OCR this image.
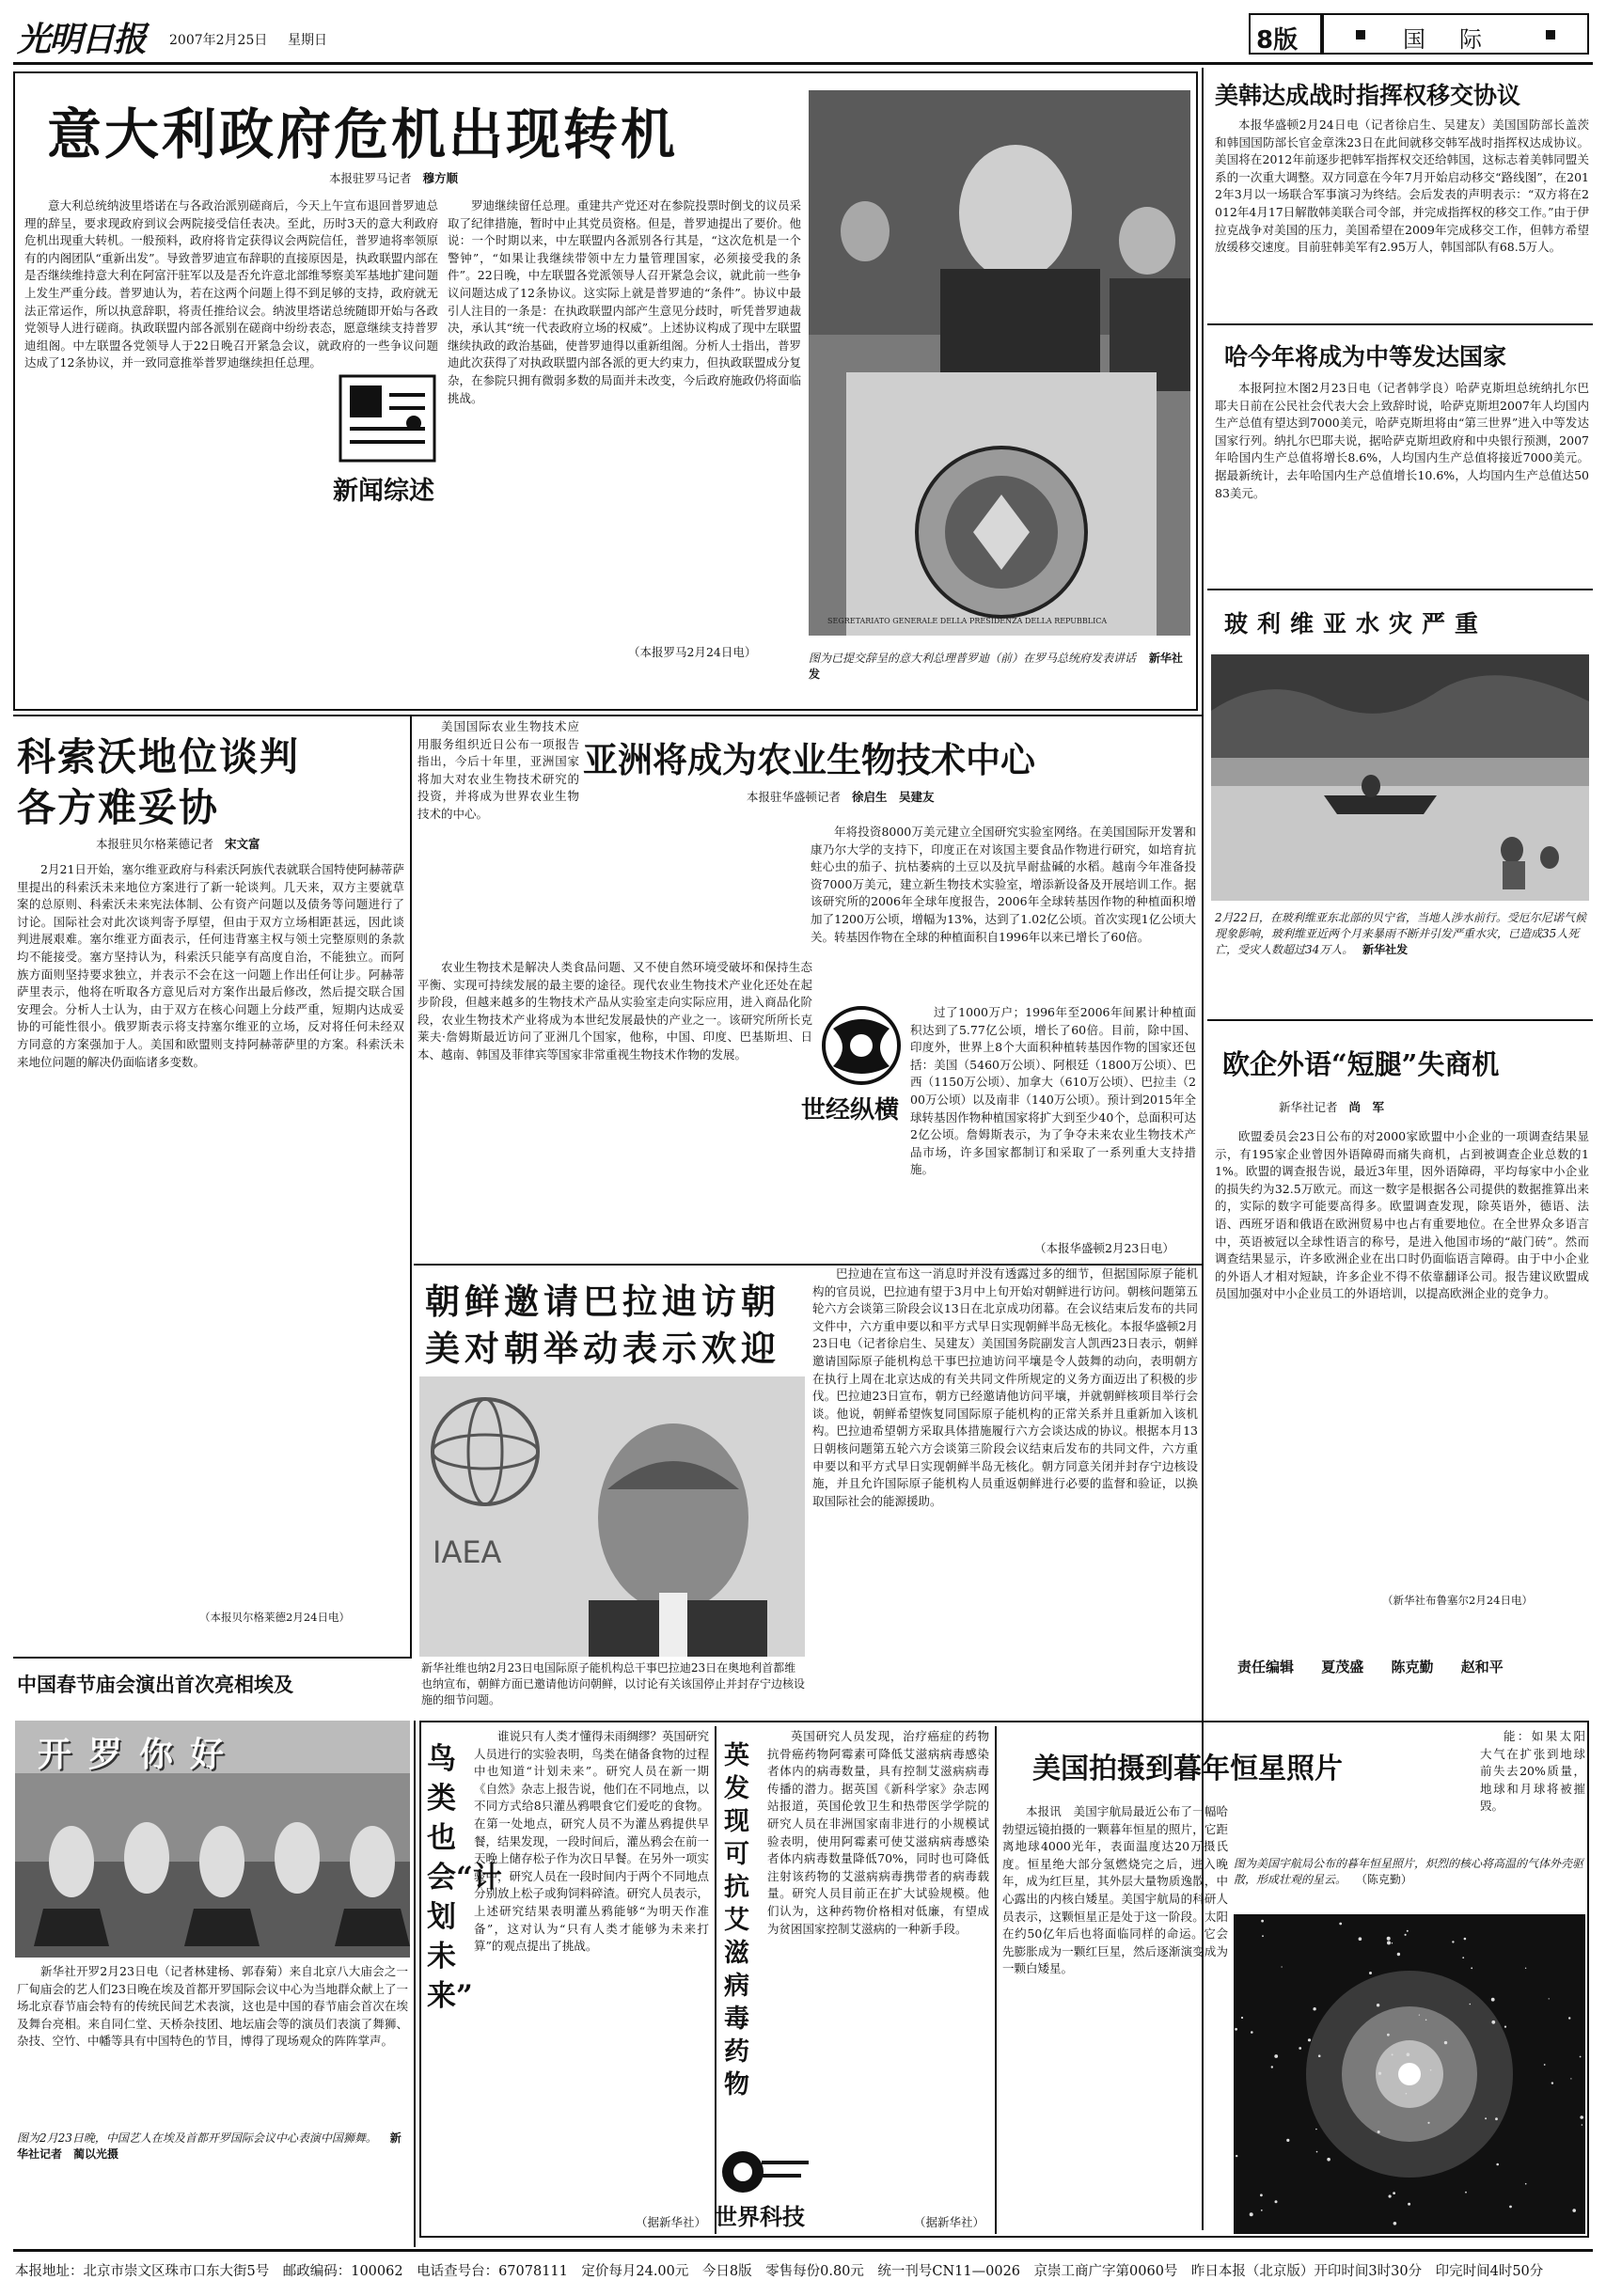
光明日报 2007年2月25日 星期日	8版	国　际
意大利政府危机出现转机
本报驻罗马记者 穆方顺

意大利总统纳波里塔诺在与各政治派别磋商后，今天上午宣布退回普罗迪总理的辞呈，要求现政府到议会两院接受信任表决。至此，历时3天的意大利政府危机出现重大转机。一般预料，政府将肯定获得议会两院信任，普罗迪将率领原有的内阁团队“重新出发”。导致普罗迪宣布辞职的直接原因是，执政联盟内部在是否继续维持意大利在阿富汗驻军以及是否允许意北部维琴察美军基地扩建问题上发生严重分歧。普罗迪认为，若在这两个问题上得不到足够的支持，政府就无法正常运作，所以执意辞职，将责任推给议会。纳波里塔诺总统随即开始与各政党领导人进行磋商。执政联盟内部各派别在磋商中纷纷表态，愿意继续支持普罗迪组阁。中左联盟各党领导人于22日晚召开紧急会议，就政府的一些争议问题达成了12条协议，并一致同意推举普罗迪继续担任总理。

罗迪继续留任总理。重建共产党还对在参院投票时倒戈的议员采取了纪律措施，暂时中止其党员资格。但是，普罗迪提出了要价。他说：一个时期以来，中左联盟内各派别各行其是，“这次危机是一个警钟”，“如果让我继续带领中左力量管理国家，必须接受我的条件”。22日晚，中左联盟各党派领导人召开紧急会议，就此前一些争议问题达成了12条协议。这实际上就是普罗迪的“条件”。协议中最引人注目的一条是：在执政联盟内部产生意见分歧时，听凭普罗迪裁决，承认其“统一代表政府立场的权威”。上述协议构成了现中左联盟继续执政的政治基础，使普罗迪得以重新组阁。分析人士指出，普罗迪此次获得了对执政联盟内部各派的更大约束力，但执政联盟成分复杂，在参院只拥有微弱多数的局面并未改变，今后政府施政仍将面临挑战。

（本报罗马2月24日电）
新闻综述
SEGRETARIATO GENERALE DELLA PRESIDENZA DELLA REPUBBLICA
图为已提交辞呈的意大利总理普罗迪（前）在罗马总统府发表讲话 新华社发
美韩达成战时指挥权移交协议

本报华盛顿2月24日电（记者徐启生、吴建友）美国国防部长盖茨和韩国国防部长官金章洙23日在此间就移交韩军战时指挥权达成协议。美国将在2012年前逐步把韩军指挥权交还给韩国，这标志着美韩同盟关系的一次重大调整。双方同意在今年7月开始启动移交“路线图”，在2012年3月以一场联合军事演习为终结。会后发表的声明表示：“双方将在2012年4月17日解散韩美联合司令部，并完成指挥权的移交工作。”由于伊拉克战争对美国的压力，美国希望在2009年完成移交工作，但韩方希望放缓移交速度。目前驻韩美军有2.95万人，韩国部队有68.5万人。

哈今年将成为中等发达国家

本报阿拉木图2月23日电（记者韩学良）哈萨克斯坦总统纳扎尔巴耶夫日前在公民社会代表大会上致辞时说，哈萨克斯坦2007年人均国内生产总值有望达到7000美元，哈萨克斯坦将由“第三世界”进入中等发达国家行列。纳扎尔巴耶夫说，据哈萨克斯坦政府和中央银行预测，2007年哈国内生产总值将增长8.6%，人均国内生产总值将接近7000美元。据最新统计，去年哈国内生产总值增长10.6%，人均国内生产总值达5083美元。

玻利维亚水灾严重
2月22日，在玻利维亚东北部的贝宁省，当地人涉水前行。受厄尔尼诺气候现象影响，玻利维亚近两个月来暴雨不断并引发严重水灾，已造成35人死亡，受灾人数超过34万人。 新华社发
欧企外语“短腿”失商机
新华社记者 尚　军

欧盟委员会23日公布的对2000家欧盟中小企业的一项调查结果显示，有195家企业曾因外语障碍而痛失商机，占到被调查企业总数的11%。欧盟的调查报告说，最近3年里，因外语障碍，平均每家中小企业的损失约为32.5万欧元。而这一数字是根据各公司提供的数据推算出来的，实际的数字可能要高得多。欧盟调查发现，除英语外，德语、法语、西班牙语和俄语在欧洲贸易中也占有重要地位。在全世界众多语言中，英语被冠以全球性语言的称号，是进入他国市场的“敲门砖”。然而调查结果显示，许多欧洲企业在出口时仍面临语言障碍。由于中小企业的外语人才相对短缺，许多企业不得不依靠翻译公司。报告建议欧盟成员国加强对中小企业员工的外语培训，以提高欧洲企业的竞争力。

（新华社布鲁塞尔2月24日电）
责任编辑 夏茂盛 陈克勤 赵和平
科索沃地位谈判
各方难妥协
本报驻贝尔格莱德记者 宋文富

2月21日开始，塞尔维亚政府与科索沃阿族代表就联合国特使阿赫蒂萨里提出的科索沃未来地位方案进行了新一轮谈判。几天来，双方主要就草案的总原则、科索沃未来宪法体制、公有资产问题以及债务等问题进行了讨论。国际社会对此次谈判寄予厚望，但由于双方立场相距甚远，因此谈判进展艰难。塞尔维亚方面表示，任何违背塞主权与领土完整原则的条款均不能接受。塞方坚持认为，科索沃只能享有高度自治，不能独立。而阿族方面则坚持要求独立，并表示不会在这一问题上作出任何让步。阿赫蒂萨里表示，他将在听取各方意见后对方案作出最后修改，然后提交联合国安理会。分析人士认为，由于双方在核心问题上分歧严重，短期内达成妥协的可能性很小。俄罗斯表示将支持塞尔维亚的立场，反对将任何未经双方同意的方案强加于人。美国和欧盟则支持阿赫蒂萨里的方案。科索沃未来地位问题的解决仍面临诸多变数。

（本报贝尔格莱德2月24日电）

美国国际农业生物技术应用服务组织近日公布一项报告指出，今后十年里，亚洲国家将加大对农业生物技术研究的投资，并将成为世界农业生物技术的中心。

亚洲将成为农业生物技术中心
本报驻华盛顿记者 徐启生　吴建友

农业生物技术是解决人类食品问题、又不使自然环境受破坏和保持生态平衡、实现可持续发展的最主要的途径。现代农业生物技术产业化还处在起步阶段，但越来越多的生物技术产品从实验室走向实际应用，进入商品化阶段，农业生物技术产业将成为本世纪发展最快的产业之一。该研究所所长克莱夫·詹姆斯最近访问了亚洲几个国家，他称，中国、印度、巴基斯坦、日本、越南、韩国及菲律宾等国家非常重视生物技术作物的发展。

年将投资8000万美元建立全国研究实验室网络。在美国国际开发署和康乃尔大学的支持下，印度正在对该国主要食品作物进行研究，如培育抗蛀心虫的茄子、抗枯萎病的土豆以及抗旱耐盐碱的水稻。越南今年准备投资7000万美元，建立新生物技术实验室，增添新设备及开展培训工作。据该研究所的2006年全球年度报告，2006年全球转基因作物的种植面积增加了1200万公顷，增幅为13%，达到了1.02亿公顷。首次实现1亿公顷大关。转基因作物在全球的种植面积自1996年以来已增长了60倍。

过了1000万户；1996年至2006年间累计种植面积达到了5.77亿公顷，增长了60倍。目前，除中国、印度外，世界上8个大面积种植转基因作物的国家还包括：美国（5460万公顷）、阿根廷（1800万公顷）、巴西（1150万公顷）、加拿大（610万公顷）、巴拉圭（200万公顷）以及南非（140万公顷）。预计到2015年全球转基因作物种植国家将扩大到至少40个，总面积可达2亿公顷。詹姆斯表示，为了争夺未来农业生物技术产品市场，许多国家都制订和采取了一系列重大支持措施。

（本报华盛顿2月23日电）
世经纵横
朝鲜邀请巴拉迪访朝
美对朝举动表示欢迎
IAEA
新华社维也纳2月23日电国际原子能机构总干事巴拉迪23日在奥地利首都维也纳宣布，朝鲜方面已邀请他访问朝鲜，以讨论有关该国停止并封存宁边核设施的细节问题。

巴拉迪在宣布这一消息时并没有透露过多的细节，但据国际原子能机构的官员说，巴拉迪有望于3月中上旬开始对朝鲜进行访问。朝核问题第五轮六方会谈第三阶段会议13日在北京成功闭幕。在会议结束后发布的共同文件中，六方重申要以和平方式早日实现朝鲜半岛无核化。本报华盛顿2月23日电（记者徐启生、吴建友）美国国务院副发言人凯西23日表示，朝鲜邀请国际原子能机构总干事巴拉迪访问平壤是令人鼓舞的动向，表明朝方在执行上周在北京达成的有关共同文件所规定的义务方面迈出了积极的步伐。巴拉迪23日宣布，朝方已经邀请他访问平壤，并就朝鲜核项目举行会谈。他说，朝鲜希望恢复同国际原子能机构的正常关系并且重新加入该机构。巴拉迪希望朝方采取具体措施履行六方会谈达成的协议。根据本月13日朝核问题第五轮六方会谈第三阶段会议结束后发布的共同文件，六方重申要以和平方式早日实现朝鲜半岛无核化。朝方同意关闭并封存宁边核设施，并且允许国际原子能机构人员重返朝鲜进行必要的监督和验证，以换取国际社会的能源援助。

中国春节庙会演出首次亮相埃及
开罗你好

新华社开罗2月23日电（记者林建杨、郭春菊）来自北京八大庙会之一厂甸庙会的艺人们23日晚在埃及首都开罗国际会议中心为当地群众献上了一场北京春节庙会特有的传统民间艺术表演，这也是中国的春节庙会首次在埃及舞台亮相。来自同仁堂、天桥杂技团、地坛庙会等的演员们表演了舞狮、杂技、空竹、中幡等具有中国特色的节目，博得了现场观众的阵阵掌声。

图为2月23日晚，中国艺人在埃及首都开罗国际会议中心表演中国狮舞。 新华社记者　蔺以光摄
鸟类也会“计划未来”

谁说只有人类才懂得未雨绸缪？英国研究人员进行的实验表明，鸟类在储备食物的过程中也知道“计划未来”。研究人员在新一期《自然》杂志上报告说，他们在不同地点，以不同方式给8只灌丛鸦喂食它们爱吃的食物。在第一处地点，研究人员不为灌丛鸦提供早餐，结果发现，一段时间后，灌丛鸦会在前一天晚上储存松子作为次日早餐。在另外一项实验中，研究人员在一段时间内于两个不同地点分别放上松子或狗饲料碎渣。研究人员表示，上述研究结果表明灌丛鸦能够“为明天作准备”，这对认为“只有人类才能够为未来打算”的观点提出了挑战。

（据新华社）
英发现可抗艾滋病毒药物

英国研究人员发现，治疗癌症的药物抗骨癌药物阿霉素可降低艾滋病病毒感染者体内的病毒数量，具有控制艾滋病病毒传播的潜力。据英国《新科学家》杂志网站报道，英国伦敦卫生和热带医学学院的研究人员在非洲国家南非进行的小规模试验表明，使用阿霉素可使艾滋病病毒感染者体内病毒数量降低70%，同时也可降低注射该药物的艾滋病病毒携带者的病毒载量。研究人员目前正在扩大试验规模。他们认为，这种药物价格相对低廉，有望成为贫困国家控制艾滋病的一种新手段。

（据新华社）
世界科技
美国拍摄到暮年恒星照片

能：如果太阳大气在扩张到地球前失去20%质量，地球和月球将被摧毁。

本报讯　美国宇航局最近公布了一幅哈勃望远镜拍摄的一颗暮年恒星的照片，它距离地球4000光年，表面温度达20万摄氏度。恒星绝大部分氢燃烧完之后，进入晚年，成为红巨星，其外层大量物质逸散，中心露出的内核白矮星。美国宇航局的科研人员表示，这颗恒星正是处于这一阶段。太阳在约50亿年后也将面临同样的命运。它会先膨胀成为一颗红巨星，然后逐渐演变成为一颗白矮星。

图为美国宇航局公布的暮年恒星照片，炽烈的核心将高温的气体外壳驱散，形成壮观的星云。 （陈克勤）
本报地址：北京市崇文区珠市口东大街5号　邮政编码：100062　电话查号台：67078111　定价每月24.00元　今日8版　零售每份0.80元　统一刊号CN11—0026　京崇工商广字第0060号　昨日本报（北京版）开印时间3时30分　印完时间4时50分
